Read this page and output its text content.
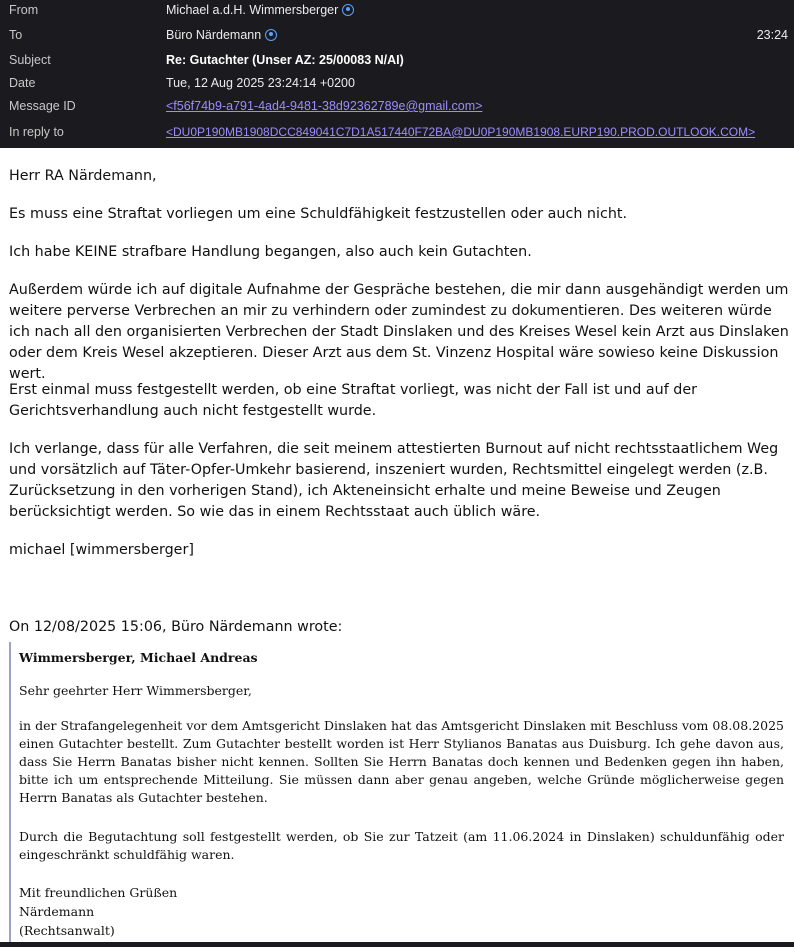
From	Michael a.d.H. Wimmersberger
To	Büro Närdemann	23:24
Subject	Re: Gutachter (Unser AZ: 25/00083 N/AI)
Date	Tue, 12 Aug 2025 23:24:14 +0200
Message ID	<f56f74b9-a791-4ad4-9481-38d92362789e@gmail.com>
In reply to	<DU0P190MB1908DCC849041C7D1A517440F72BA@DU0P190MB1908.EURP190.PROD.OUTLOOK.COM>

Herr RA Närdemann,

Es muss eine Straftat vorliegen um eine Schuldfähigkeit festzustellen oder auch nicht.

Ich habe KEINE strafbare Handlung begangen, also auch kein Gutachten.

Außerdem würde ich auf digitale Aufnahme der Gespräche bestehen, die mir dann ausgehändigt werden um weitere perverse Verbrechen an mir zu verhindern oder zumindest zu dokumentieren. Des weiteren würde ich nach all den organisierten Verbrechen der Stadt Dinslaken und des Kreises Wesel kein Arzt aus Dinslaken oder dem Kreis Wesel akzeptieren. Dieser Arzt aus dem St. Vinzenz Hospital wäre sowieso keine Diskussion wert.

Erst einmal muss festgestellt werden, ob eine Straftat vorliegt, was nicht der Fall ist und auf der Gerichtsverhandlung auch nicht festgestellt wurde.

Ich verlange, dass für alle Verfahren, die seit meinem attestierten Burnout auf nicht rechtsstaatlichem Weg und vorsätzlich auf Täter-Opfer-Umkehr basierend, inszeniert wurden, Rechtsmittel eingelegt werden (z.B. Zurücksetzung in den vorherigen Stand), ich Akteneinsicht erhalte und meine Beweise und Zeugen berücksichtigt werden. So wie das in einem Rechtsstaat auch üblich wäre.

michael [wimmersberger]

On 12/08/2025 15:06, Büro Närdemann wrote:

Wimmersberger, Michael Andreas

Sehr geehrter Herr Wimmersberger,

in der Strafangelegenheit vor dem Amtsgericht Dinslaken hat das Amtsgericht Dinslaken mit Beschluss vom 08.08.2025 einen Gutachter bestellt. Zum Gutachter bestellt worden ist Herr Stylianos Banatas aus Duisburg. Ich gehe davon aus, dass Sie Herrn Banatas bisher nicht kennen. Sollten Sie Herrn Banatas doch kennen und Bedenken gegen ihn haben, bitte ich um entsprechende Mitteilung. Sie müssen dann aber genau angeben, welche Gründe möglicherweise gegen Herrn Banatas als Gutachter bestehen.

Durch die Begutachtung soll festgestellt werden, ob Sie zur Tatzeit (am 11.06.2024 in Dinslaken) schuldunfähig oder eingeschränkt schuldfähig waren.

Mit freundlichen Grüßen

Närdemann

(Rechtsanwalt)
